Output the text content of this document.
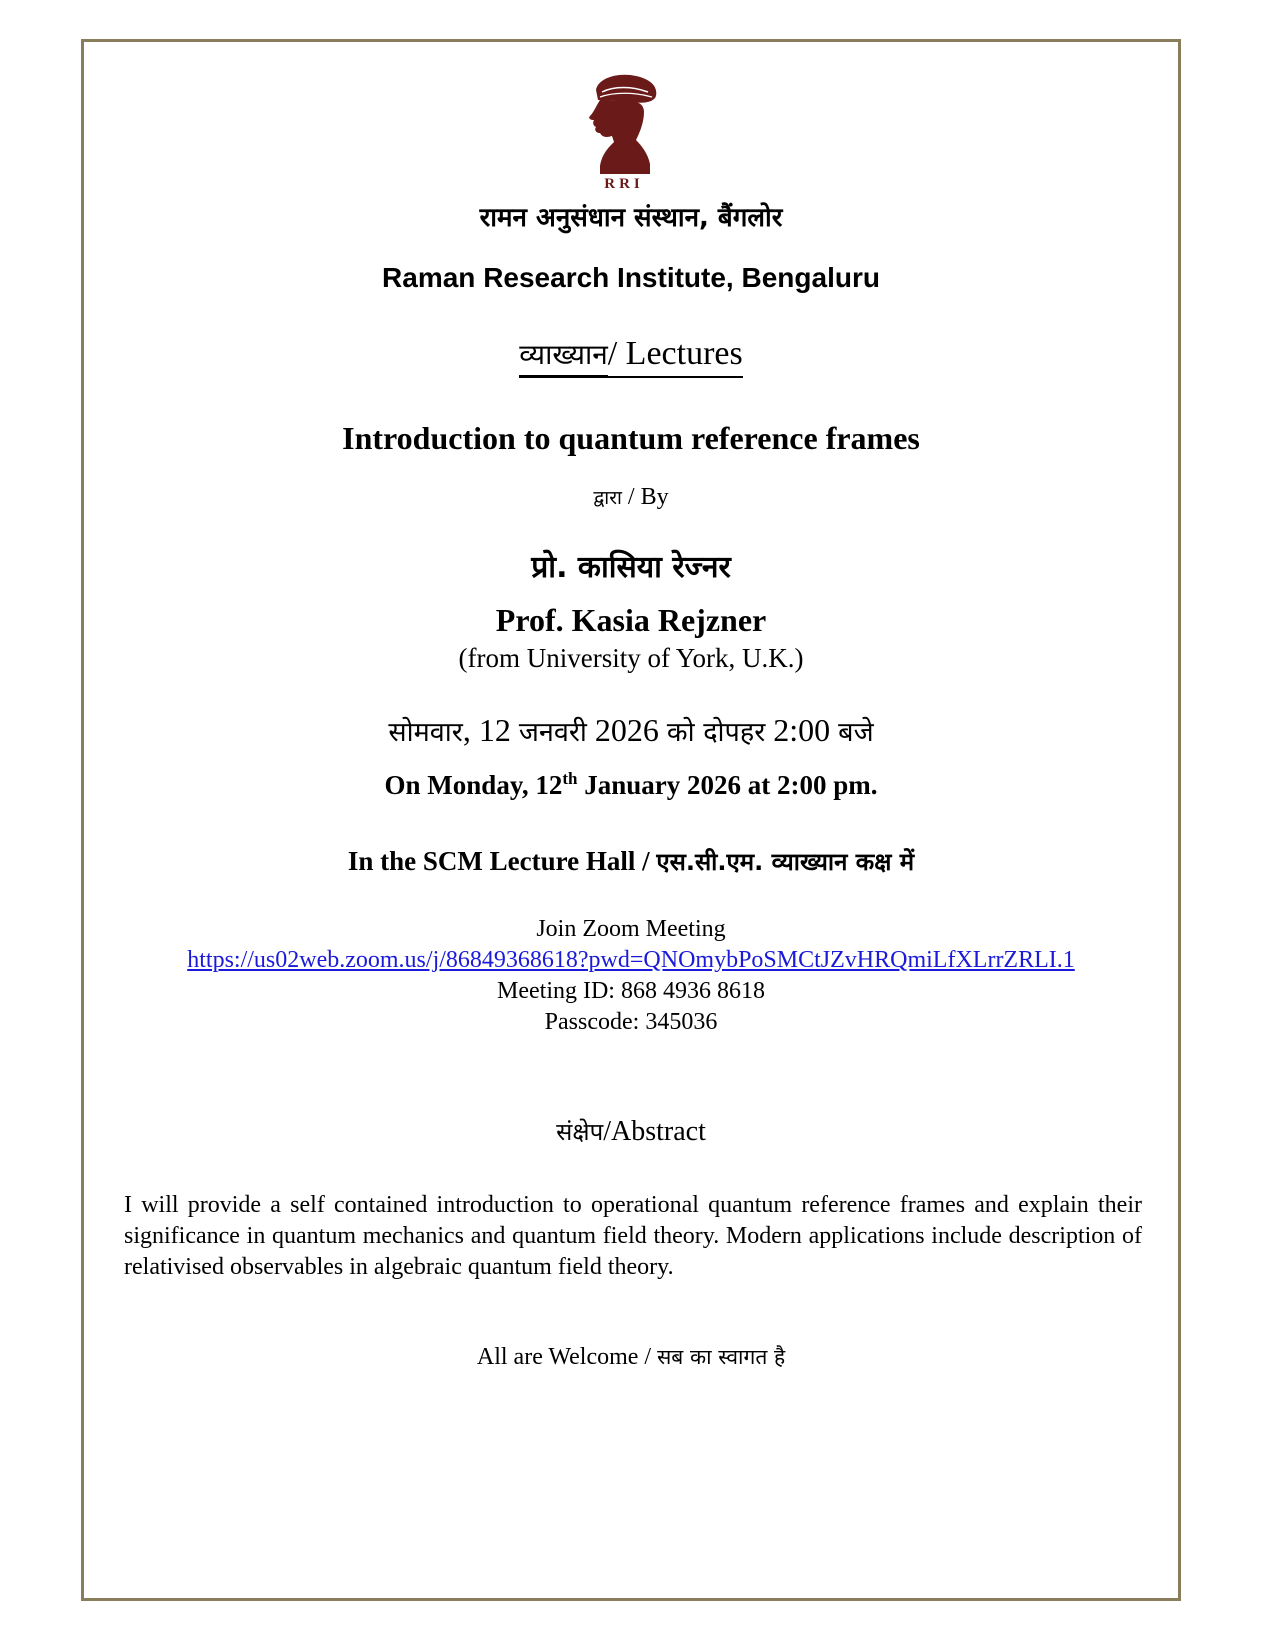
RRI
रामन अनुसंधान संस्थान, बैंगलोर
Raman Research Institute, Bengaluru
व्याख्यान/ Lectures
Introduction to quantum reference frames
द्वारा / By
प्रो. कासिया रेज्नर
Prof. Kasia Rejzner
(from University of York, U.K.)
सोमवार, 12 जनवरी 2026 को दोपहर 2:00 बजे
On Monday, 12th January 2026 at 2:00 pm.
In the SCM Lecture Hall / एस.सी.एम. व्याख्यान कक्ष में
Join Zoom Meeting
https://us02web.zoom.us/j/86849368618?pwd=QNOmybPoSMCtJZvHRQmiLfXLrrZRLI.1
Meeting ID: 868 4936 8618
Passcode: 345036
संक्षेप/Abstract
I will provide a self contained introduction to operational quantum reference frames and explain their significance in quantum mechanics and quantum field theory. Modern applications include description of relativised observables in algebraic quantum field theory.
All are Welcome / सब का स्वागत है
